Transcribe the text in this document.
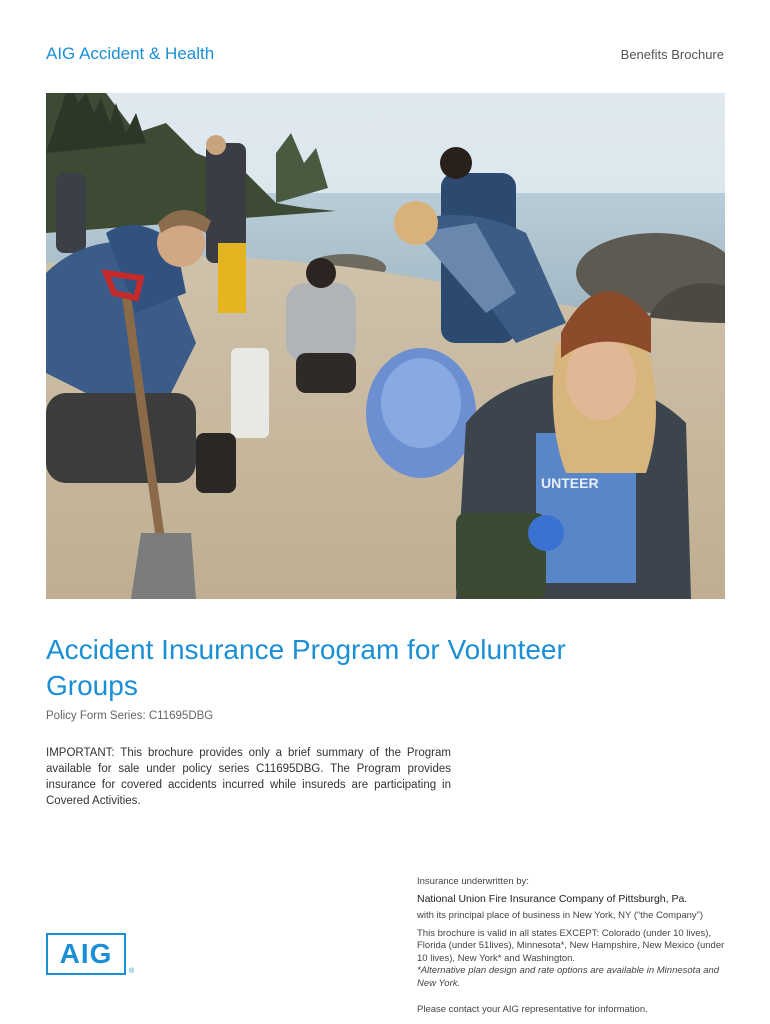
AIG Accident & Health	Benefits Brochure
UNTEER
Accident Insurance Program for Volunteer Groups
Policy Form Series: C11695DBG

IMPORTANT: This brochure provides only a brief summary of the Program available for sale under policy series C11695DBG. The Program provides insurance for covered accidents incurred while insureds are participating in Covered Activities.

AIG
®

Insurance underwritten by:

National Union Fire Insurance Company of Pittsburgh, Pa.

with its principal place of business in New York, NY (“the Company”)

This brochure is valid in all states EXCEPT: Colorado (under 10 lives), Florida (under 51lives), Minnesota*, New Hampshire, New Mexico (under 10 lives), New York* and Washington.

*Alternative plan design and rate options are available in Minnesota and New York.

Please contact your AIG representative for information.
